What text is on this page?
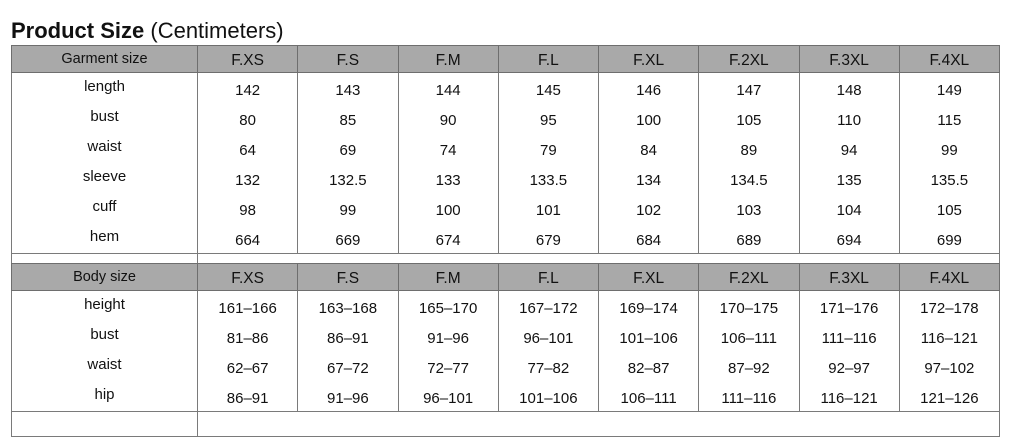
Product Size (Centimeters)
Garment size	F.XS	F.S	F.M	F.L	F.XL	F.2XL	F.3XL	F.4XL
length	142	143	144	145	146	147	148	149
bust	80	85	90	95	100	105	110	115
waist	64	69	74	79	84	89	94	99
sleeve	132	132.5	133	133.5	134	134.5	135	135.5
cuff	98	99	100	101	102	103	104	105
hem	664	669	674	679	684	689	694	699

Body size	F.XS	F.S	F.M	F.L	F.XL	F.2XL	F.3XL	F.4XL
height	161–166	163–168	165–170	167–172	169–174	170–175	171–176	172–178
bust	81–86	86–91	91–96	96–101	101–106	106–111	111–116	116–121
waist	62–67	67–72	72–77	77–82	82–87	87–92	92–97	97–102
hip	86–91	91–96	96–101	101–106	106–111	111–116	116–121	121–126
